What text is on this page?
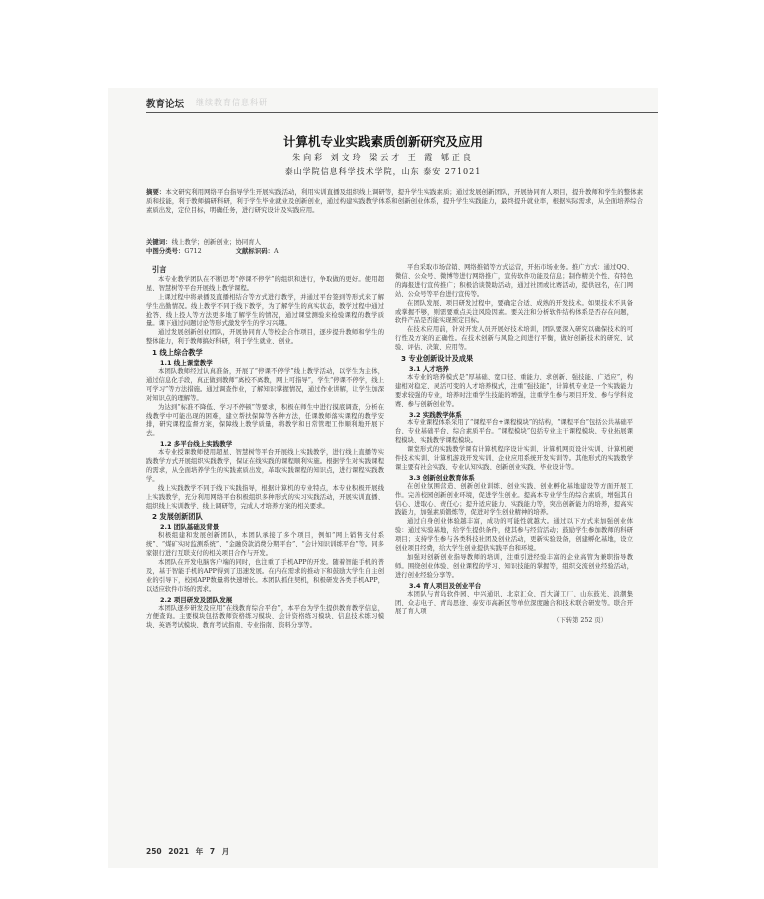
教育论坛 继续教育信息科研
计算机专业实践素质创新研究及应用
朱向彩 刘文玲 梁云才 王 霞 郇正良
泰山学院信息科学技术学院，山东 泰安 271021
摘要：本文研究利用网络平台指导学生开展实践活动，利用实训直播及组织线上调研等，提升学生实践素质；通过发展创新团队，开展协同育人项目，提升教师和学生的整体素质和技能，利于教师搞研科研，利于学生毕业就业及创新创业，通过构建实践教学体系和创新创业体系，提升学生实践能力，最终提升就业率，根据实际需求，从全面培养综合素质出发，定位目标，明确任务，进行研究设计及实践应用。
关键词：线上教学；创新创业；协同育人
中图分类号：G712	文献标识码：A

引言

本专业教学团队在不断思考“停课不停学”的组织和进行，争取做的更好。使用超星、智慧树等平台开展线上教学课程。

上课过程中将录播及直播相结合等方式进行教学，并通过平台签到等形式来了解学生出勤情况。线上教学不同于线下教学，为了解学生的真实状态，教学过程中通过抢答、线上投人等方法更多地了解学生的情况，通过课堂测验来检验课程的教学质量。课下通过问题讨论等形式激发学生的学习兴趣。

通过发展创新创业团队，开展协同育人等校企合作项目，逐步提升教师和学生的整体能力，利于教师搞好科研，利于学生就业、创业。

1 线上综合教学

1.1 线上课堂教学

本团队教师经过认真准备，开展了“停课不停学”线上教学活动，以学生为主体，通过信息化手段，真正做到教师“离校不离教，网上可指导”，学生“停课不停学，线上可学习”等方法措施。通过调查作业，了解知识掌握情况，通过作业讲解，让学生加深对知识点的理解等。

为达到“标准不降低、学习不停顿”等要求，积极在师生中进行摸底调查，分析在线教学中可能出现的困难，建立帮扶保障等各种方法，任课教师落实课程的教学安排，研究课程监督方案，保障线上教学质量，将教学和日常管理工作顺利地开展下去。

1.2 多平台线上实践教学

本专业授课教师使用超星、智慧树等平台开展线上实践教学，进行线上直播等实践教学方式开展组织实践教学，保证在线实践的课程顺利实施。根据学生对实践课程的需求，从全面培养学生的实践素质出发，革取实践课程的知识点，进行课程实践教学。

线上实践教学不同于线下实践指导，根据计算机的专业特点，本专业积极开展线上实践教学，充分利用网络平台积极组织多种形式的实习实践活动，开展实训直播、组织线上实训教学、线上调研等，完成人才培养方案的相关要求。

2 发展创新团队

2.1 团队基础及背景

积极组建和发展创新团队，本团队承接了多个项目，例如“网上销售支付系统”、“煤矿实时监测系统”、“金融贷款消费分期平台”、“会计知识训练平台”等。同多家银行进行互联支付的相关项目合作与开发。

本团队在开发电脑客户端的同时，也注重了手机APP的开发。随着智能手机的普及，基于智能手机的APP得到了迅速发展。在内在需求的推动下和鼓励大学生自主创业的引导下，校园APP数量将快速增长。本团队抓住契机，积极研发各类手机APP，以适应软件市场的需求。

2.2 项目研发及团队发展

本团队逐步研发及应用“在线教育综合平台”，本平台为学生提供教育教学信息，方便查询。主要模块包括教师资格练习模块、会计资格练习模块、信息技术练习模块、英语考试模块、教育考试指南、专业指南、资料分享等。

平台采取市场营销、网络推销等方式运营，开拓市场业务。推广方式：通过QQ、微信、公众号、微博等进行网络推广，宣传软件功能及信息；制作精美个性、有特色的海报进行宣传推广；积极洽谈赞助活动，通过社团或比赛活动，提供冠名，在门网站、公众号等平台进行宣传等。

在团队发展、项目研发过程中，要确定合适、成熟的开发技术。如果技术不具备或掌握不够，则需要重点关注风险因素。要关注和分析软件结构体系是否存在问题，软件产品是否能实现预定目标。

在技术应用前，针对开发人员开展好技术培训，团队要深入研究以确保技术的可行性及方案的正确性。在技术创新与风险之间进行平衡，做好创新技术的研究、试验、评估、决策、应用等。

3 专业创新设计及成果

3.1 人才培养

本专业的培养模式是“厚基础、宽口径、重能力、求创新、强技能、广适应”，构建相对稳定、灵活可变的人才培养模式，注重“强技能”，计算机专业是一个实践能力要求较强的专业，培养时注重学生技能的增强，注重学生参与项目开发、参与学科竞赛、参与创新创业等。

3.2 实践教学体系

本专业课程体系采用了“课程平台+课程模块”的结构，“课程平台”包括公共基础平台、专业基础平台、综合素质平台。“课程模块”包括专业主干课程模块、专业拓展课程模块、实践教学课程模块。

课堂形式的实践教学课有计算机程序设计实训、计算机网页设计实训、计算机硬件技术实训、计算机游戏开发实训、企业应用系统开发实训等。其他形式的实践教学课主要有社会实践、专业认知实践、创新创业实践、毕业设计等。

3.3 创新创业教育体系

在创业氛围营造、创新创业训练、创业实践、创业孵化基地建设等方面开展工作。完善校园创新创业环境，促进学生创业。提高本专业学生的综合素质，增强其自信心、进取心、责任心；提升适应能力、实践能力等，突出创新能力的培养，提高实践能力，加强素质锻炼等，促进对学生创业精神的培养。

通过自身创业体验越丰富，成功的可能性就越大。通过以下方式来加强创业体验：通过实验基地，给学生提供条件，使其参与经营活动；鼓励学生参加教师的科研项目；支持学生参与各类科技社团及创业活动，更新实验设备，创建孵化基地，设立创业项目经费，给大学生创业提供实践平台和环境。

加强对创新创业指导教师的培训，注重引进经验丰富的企业高管为兼职指导教师。围绕创业体验、创业课程的学习、知识技能的掌握等，组织交流创业经验活动，进行创业经验分享等。

3.4 育人项目及创业平台

本团队与青岛软件园、中兴通讯、北京汇众、百大潇工厂、山东鼓光、浪潮集团、众志电子、青岛思途、泰安市高新区等单位深度融合和技术联合研发等。联合开展了育人项

（下转第 252 页）

250 2021 年 7 月
